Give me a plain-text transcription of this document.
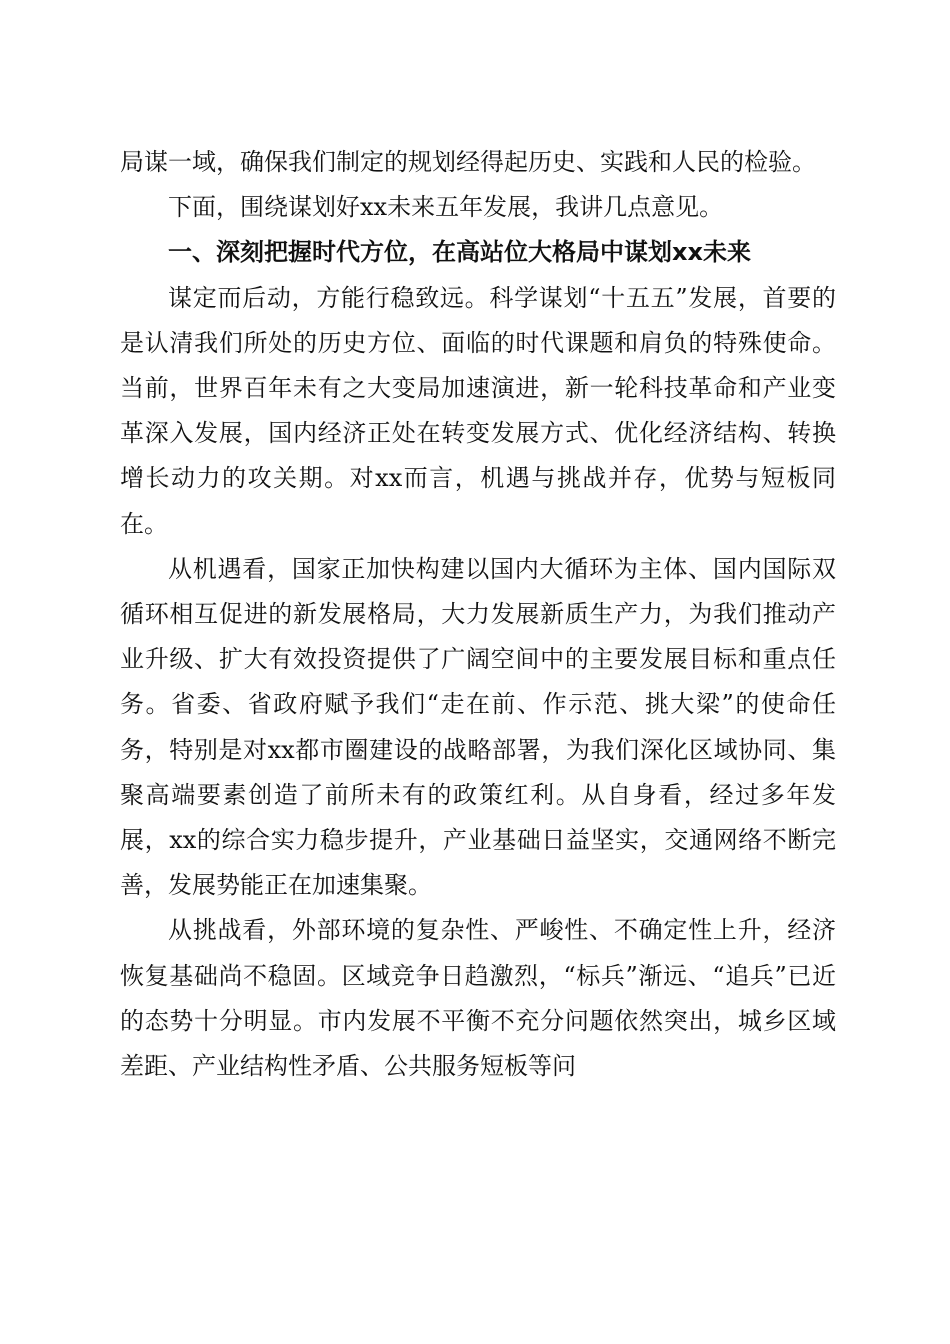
局谋一域，确保我们制定的规划经得起历史、实践和人民的检验。

下面，围绕谋划好xx未来五年发展，我讲几点意见。

一、深刻把握时代方位，在高站位大格局中谋划xx未来

谋定而后动，方能行稳致远。科学谋划“十五五”发展，首要的是认清我们所处的历史方位、面临的时代课题和肩负的特殊使命。当前，世界百年未有之大变局加速演进，新一轮科技革命和产业变革深入发展，国内经济正处在转变发展方式、优化经济结构、转换增长动力的攻关期。对xx而言，机遇与挑战并存，优势与短板同在。

从机遇看，国家正加快构建以国内大循环为主体、国内国际双循环相互促进的新发展格局，大力发展新质生产力，为我们推动产业升级、扩大有效投资提供了广阔空间中的主要发展目标和重点任务。省委、省政府赋予我们“走在前、作示范、挑大梁”的使命任务，特别是对xx都市圈建设的战略部署，为我们深化区域协同、集聚高端要素创造了前所未有的政策红利。从自身看，经过多年发展，xx的综合实力稳步提升，产业基础日益坚实，交通网络不断完善，发展势能正在加速集聚。

从挑战看，外部环境的复杂性、严峻性、不确定性上升，经济恢复基础尚不稳固。区域竞争日趋激烈，“标兵”渐远、“追兵”已近的态势十分明显。市内发展不平衡不充分问题依然突出，城乡区域差距、产业结构性矛盾、公共服务短板等问
